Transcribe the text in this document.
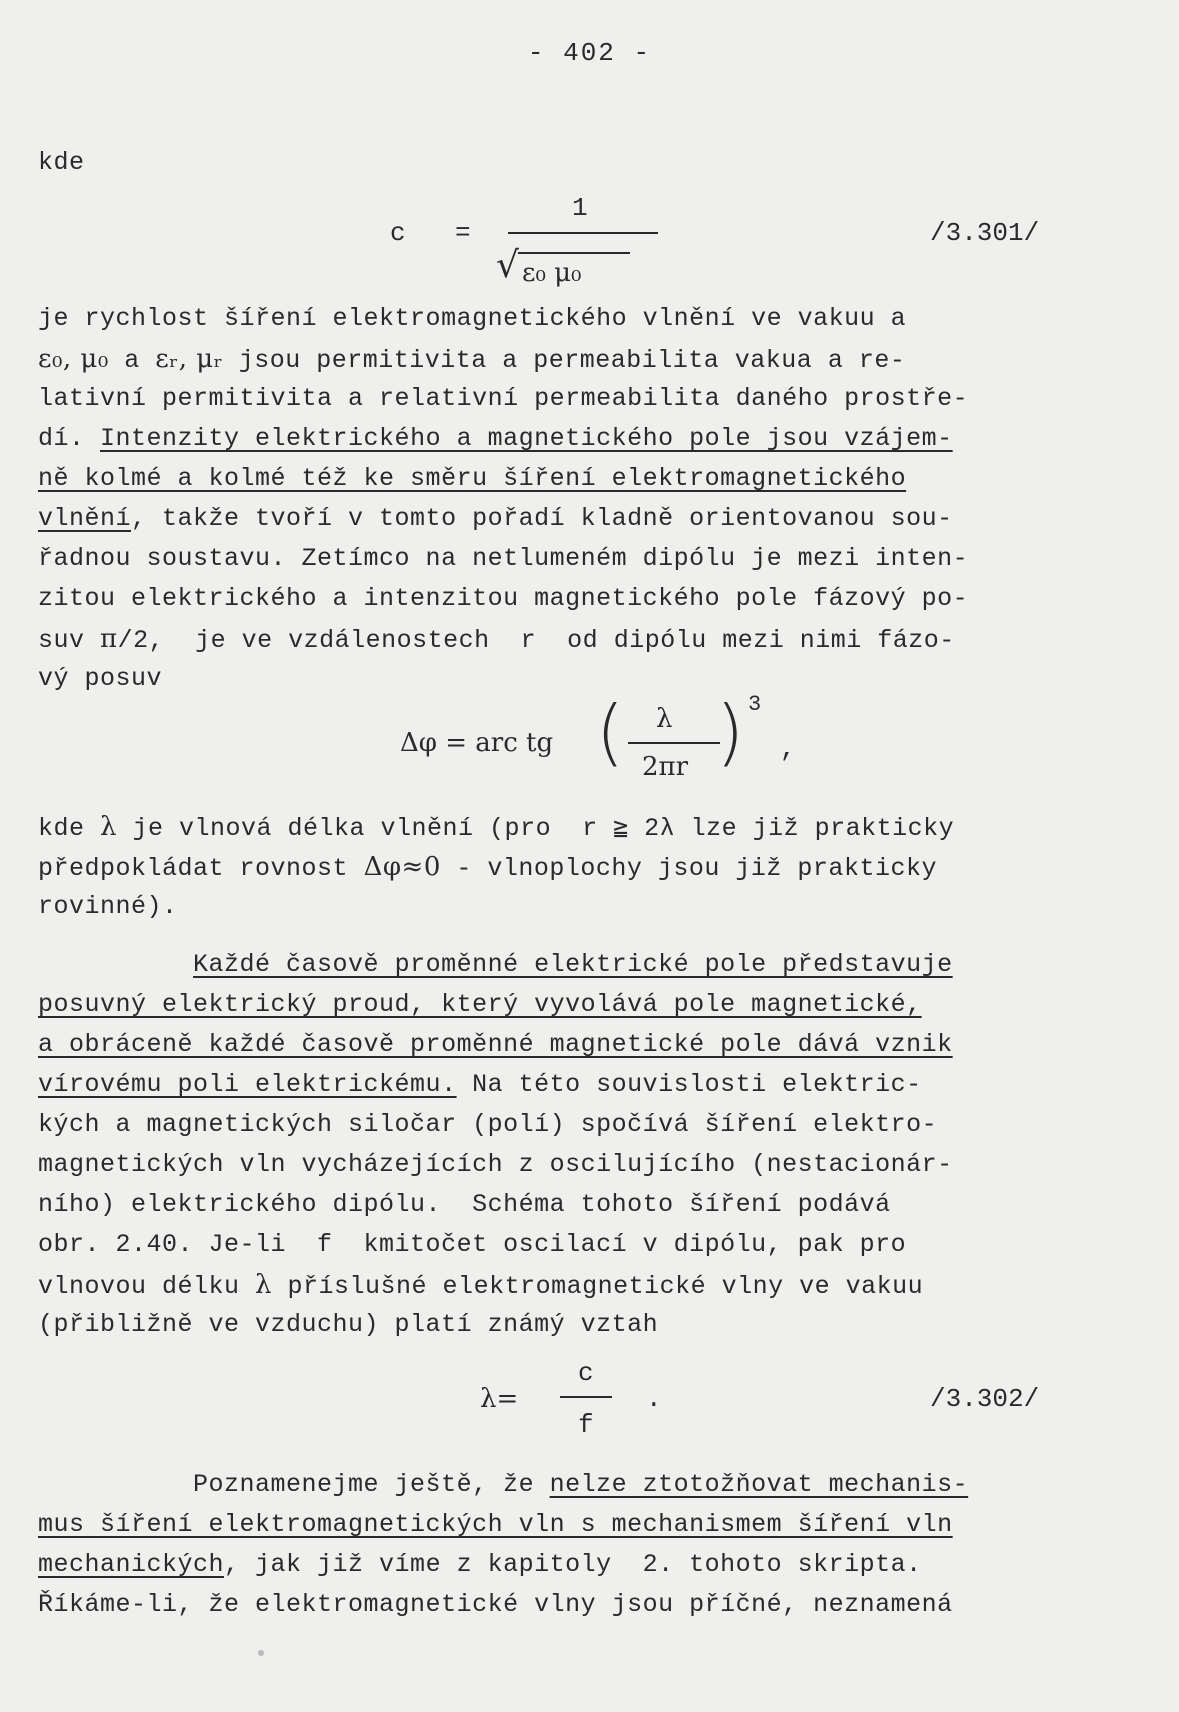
- 402 -
kde
c =
1
√ ε₀ μ₀
/3.301/
je rychlost šíření elektromagnetického vlnění ve vakuu a
ε₀, μ₀ a εᵣ, μᵣ jsou permitivita a permeabilita vakua a re-
lativní permitivita a relativní permeabilita daného prostře-
dí. Intenzity elektrického a magnetického pole jsou vzájem-
ně kolmé a kolmé též ke směru šíření elektromagnetického
vlnění, takže tvoří v tomto pořadí kladně orientovanou sou-
řadnou soustavu. Zetímco na netlumeném dipólu je mezi inten-
zitou elektrického a intenzitou magnetického pole fázový po-
suv π/2,  je ve vzdálenostech  r  od dipólu mezi nimi fázo-
vý posuv
Δφ = arc tg ( λ
2πr ) 3
,
kde λ je vlnová délka vlnění (pro  r ≧ 2λ lze již prakticky
předpokládat rovnost Δφ≈0 - vlnoplochy jsou již prakticky
rovinné).
Každé časově proměnné elektrické pole představuje
posuvný elektrický proud, který vyvolává pole magnetické,
a obráceně každé časově proměnné magnetické pole dává vznik
vírovému poli elektrickému. Na této souvislosti elektric-
kých a magnetických siločar (polí) spočívá šíření elektro-
magnetických vln vycházejících z oscilujícího (nestacionár-
ního) elektrického dipólu.  Schéma tohoto šíření podává
obr. 2.40. Je-li  f  kmitočet oscilací v dipólu, pak pro
vlnovou délku λ příslušné elektromagnetické vlny ve vakuu
(přibližně ve vzduchu) platí známý vztah
λ=
c
f
.	/3.302/
Poznamenejme ještě, že nelze ztotožňovat mechanis-
mus šíření elektromagnetických vln s mechanismem šíření vln
mechanických, jak již víme z kapitoly  2. tohoto skripta.
Říkáme-li, že elektromagnetické vlny jsou příčné, neznamená
